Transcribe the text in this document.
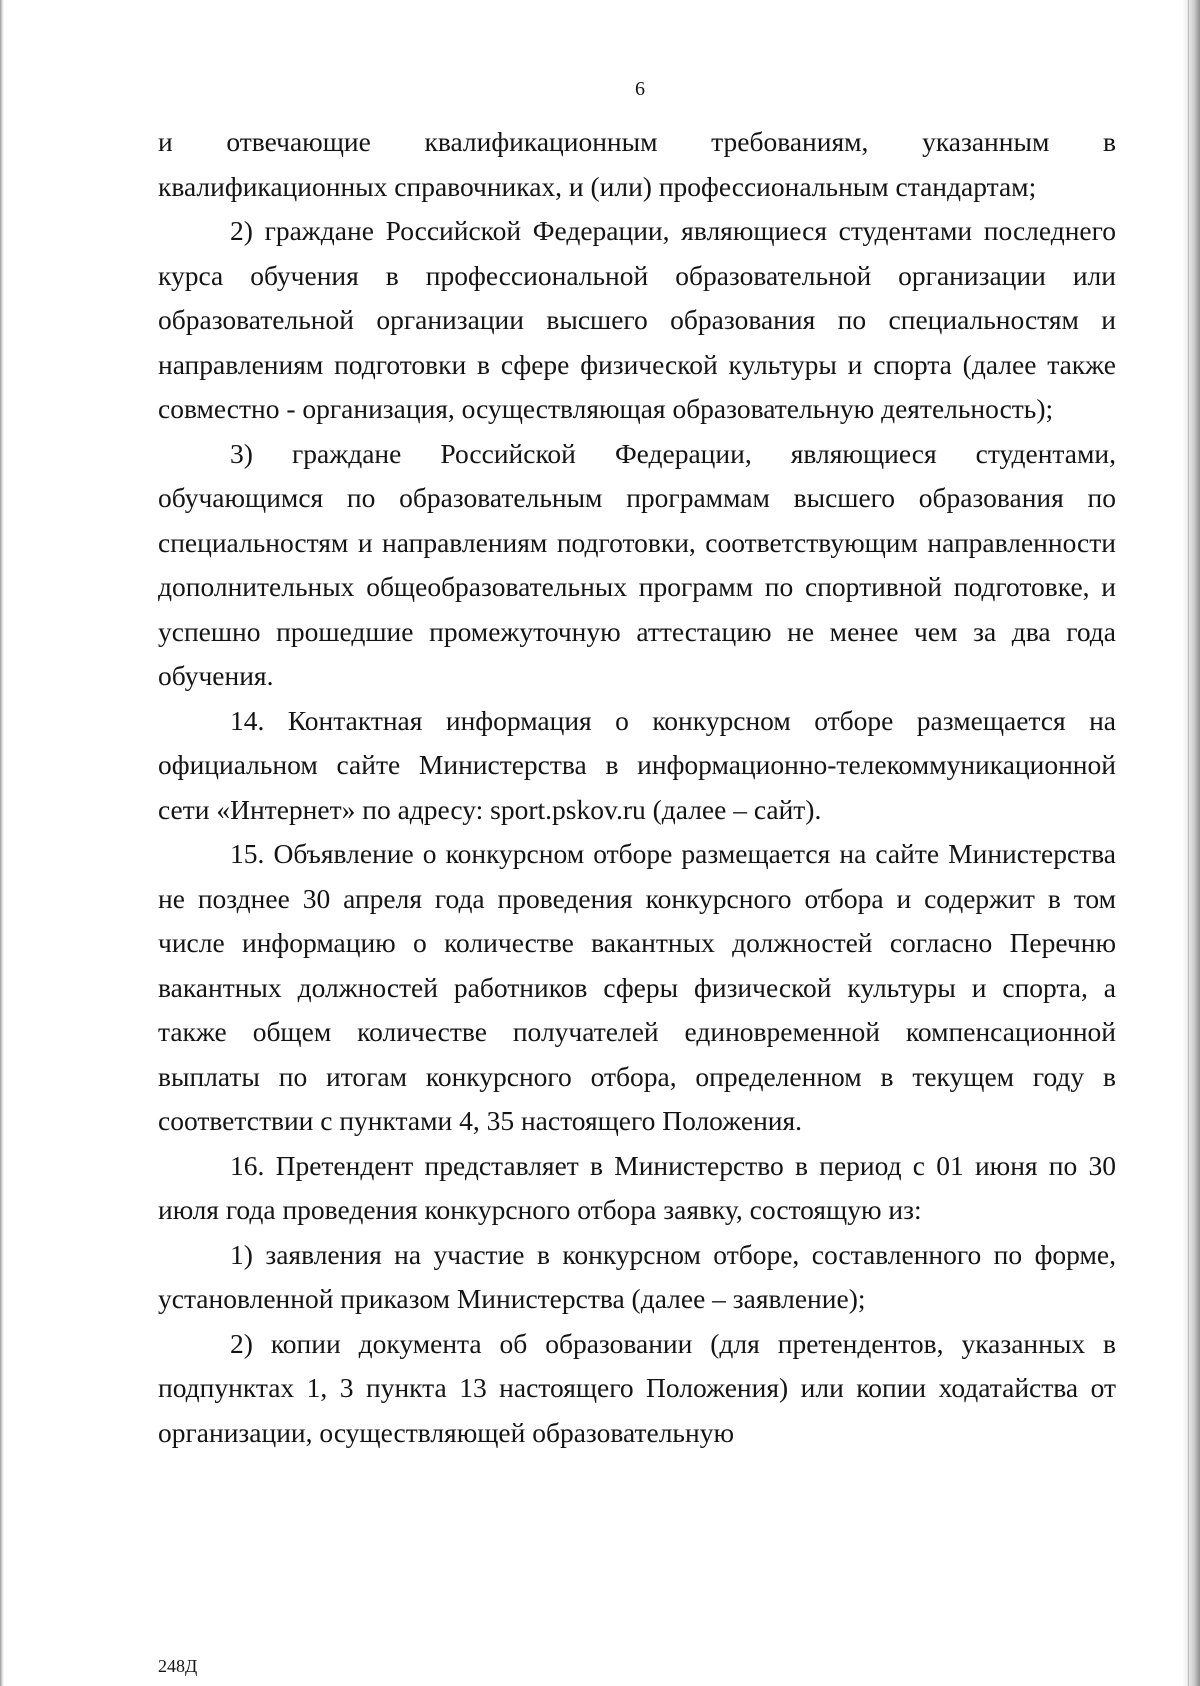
6

и отвечающие квалификационным требованиям, указанным в квалификационных справочниках, и (или) профессиональным стандартам;

2) граждане Российской Федерации, являющиеся студентами последнего курса обучения в профессиональной образовательной организации или образовательной организации высшего образования по специальностям и направлениям подготовки в сфере физической культуры и спорта (далее также совместно - организация, осуществляющая образовательную деятельность);

3) граждане Российской Федерации, являющиеся студентами, обучающимся по образовательным программам высшего образования по специальностям и направлениям подготовки, соответствующим направленности дополнительных общеобразовательных программ по спортивной подготовке, и успешно прошедшие промежуточную аттестацию не менее чем за два года обучения.

14. Контактная информация о конкурсном отборе размещается на официальном сайте Министерства в информационно-телекоммуникационной сети «Интернет» по адресу: sport.pskov.ru (далее – сайт).

15. Объявление о конкурсном отборе размещается на сайте Министерства не позднее 30 апреля года проведения конкурсного отбора и содержит в том числе информацию о количестве вакантных должностей согласно Перечню вакантных должностей работников сферы физической культуры и спорта, а также общем количестве получателей единовременной компенсационной выплаты по итогам конкурсного отбора, определенном в текущем году в соответствии с пунктами 4, 35 настоящего Положения.

16. Претендент представляет в Министерство в период с 01 июня по 30 июля года проведения конкурсного отбора заявку, состоящую из:

1) заявления на участие в конкурсном отборе, составленного по форме, установленной приказом Министерства (далее – заявление);

2) копии документа об образовании (для претендентов, указанных в подпунктах 1, 3 пункта 13 настоящего Положения) или копии ходатайства от организации, осуществляющей образовательную

248Д
